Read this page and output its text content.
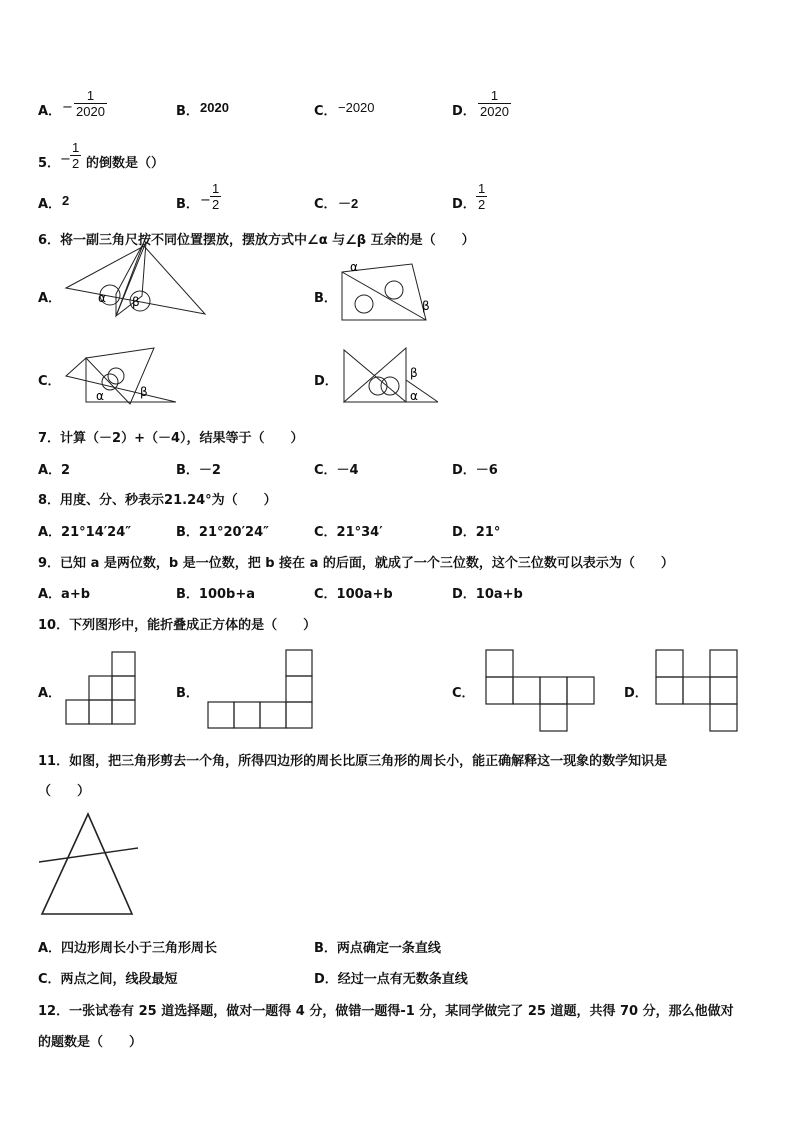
A． − $\frac{1}{2020}$	B． 2020	C． −2020	D． $\frac{1}{2020}$
5． − $\frac{1}{2}$ 的倒数是（）
A． 2	B． − $\frac{1}{2}$	C． －2	D． $\frac{1}{2}$
6．将一副三角尺按不同位置摆放，摆放方式中∠α 与∠β 互余的是（　　）
A．	α β	B．
α
β
C．
α	β
D．
β
α
7．计算（－2）+（－4），结果等于（　　）
A．2	B．－2	C．－4	D．－6
8．用度、分、秒表示21.24°为（　　）
A．21°14′24″	B．21°20′24″	C．21°34′	D．21°
9．已知 a 是两位数，b 是一位数，把 b 接在 a 的后面，就成了一个三位数，这个三位数可以表示为（　　）
A．a+b	B．100b+a	C．100a+b	D．10a+b
10．下列图形中，能折叠成正方体的是（　　）
A．	B．	C．	D．
11．如图，把三角形剪去一个角，所得四边形的周长比原三角形的周长小，能正确解释这一现象的数学知识是
（　　）
A．四边形周长小于三角形周长	B．两点确定一条直线
C．两点之间，线段最短	D．经过一点有无数条直线
12．一张试卷有 25 道选择题，做对一题得 4 分，做错一题得-1 分，某同学做完了 25 道题，共得 70 分，那么他做对
的题数是（　　）
